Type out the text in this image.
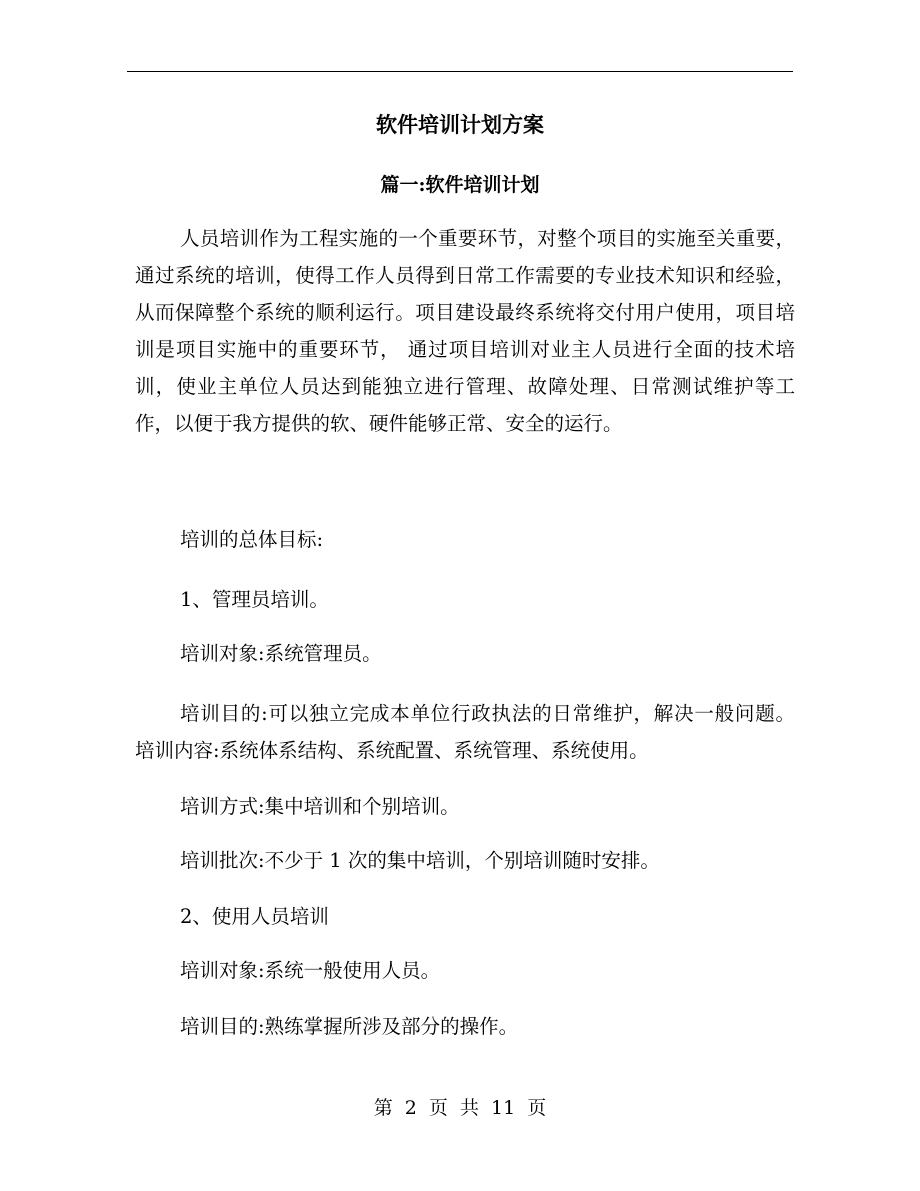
软件培训计划方案
篇一:软件培训计划
人员培训作为工程实施的一个重要环节，对整个项目的实施至关重要，通过系统的培训，使得工作人员得到日常工作需要的专业技术知识和经验，从而保障整个系统的顺利运行。项目建设最终系统将交付用户使用，项目培训是项目实施中的重要环节， 通过项目培训对业主人员进行全面的技术培训，使业主单位人员达到能独立进行管理、故障处理、日常测试维护等工作，以便于我方提供的软、硬件能够正常、安全的运行。
培训的总体目标:
1、管理员培训。
培训对象:系统管理员。
培训目的:可以独立完成本单位行政执法的日常维护，解决一般问题。 培训内容:系统体系结构、系统配置、系统管理、系统使用。
培训方式:集中培训和个别培训。
培训批次:不少于 1 次的集中培训，个别培训随时安排。
2、使用人员培训
培训对象:系统一般使用人员。
培训目的:熟练掌握所涉及部分的操作。
第 2 页 共 11 页
